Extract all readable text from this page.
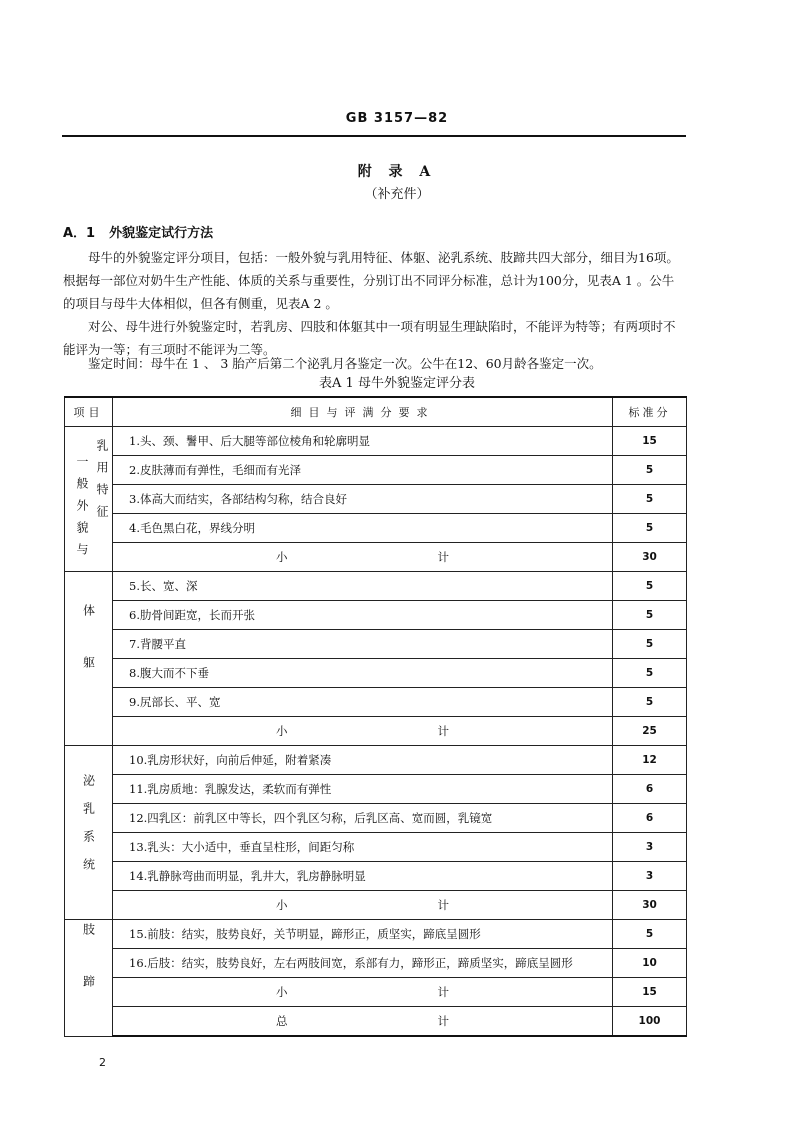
GB 3157—82
附 录 A
（补充件）
A．1 外貌鉴定试行方法
母牛的外貌鉴定评分项目，包括：一般外貌与乳用特征、体躯、泌乳系统、肢蹄共四大部分，细目为16项。根据每一部位对奶牛生产性能、体质的关系与重要性，分别订出不同评分标准，总计为100分，见表A 1 。公牛的项目与母牛大体相似，但各有侧重，见表A 2 。
对公、母牛进行外貌鉴定时，若乳房、四肢和体躯其中一项有明显生理缺陷时，不能评为特等；有两项时不能评为一等；有三项时不能评为二等。
鉴定时间：母牛在 1 、 3 胎产后第二个泌乳月各鉴定一次。公牛在12、60月龄各鉴定一次。
表A 1 母牛外貌鉴定评分表
项目	细目与评满分要求	标准分

一般外貌与 乳用特征	1.头、颈、鬐甲、后大腿等部位棱角和轮廓明显	15
	2.皮肤薄而有弹性，毛细而有光泽	5
	3.体高大而结实，各部结构匀称，结合良好	5
	4.毛色黑白花，界线分明	5
	小 计	30
体躯	5.长、宽、深	5
	6.肋骨间距宽，长而开张	5
	7.背腰平直	5
	8.腹大而不下垂	5
	9.尻部长、平、宽	5
	小 计	25
泌乳系统	10.乳房形状好，向前后伸延，附着紧凑	12
	11.乳房质地：乳腺发达，柔软而有弹性	6
	12.四乳区：前乳区中等长，四个乳区匀称，后乳区高、宽而圆，乳镜宽	6
	13.乳头：大小适中，垂直呈柱形，间距匀称	3
	14.乳静脉弯曲而明显，乳井大，乳房静脉明显	3
	小 计	30
肢蹄	15.前肢：结实，肢势良好，关节明显，蹄形正，质坚实，蹄底呈圆形	5
	16.后肢：结实，肢势良好，左右两肢间宽，系部有力，蹄形正，蹄质坚实，蹄底呈圆形	10
	小 计	15
	总 计	100
2
